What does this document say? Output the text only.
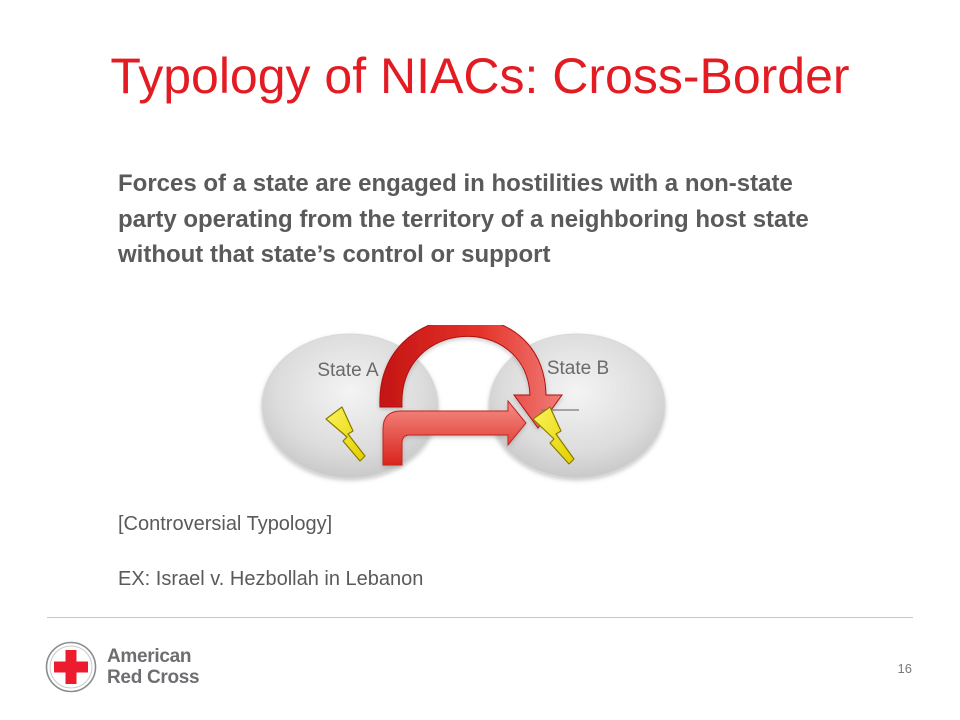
Typology of NIACs: Cross-Border
Forces of a state are engaged in hostilities with a non-state party operating from the territory of a neighboring host state without that state’s control or support
State A	State B
[Controversial Typology]
EX: Israel v. Hezbollah in Lebanon
American
Red Cross	16
